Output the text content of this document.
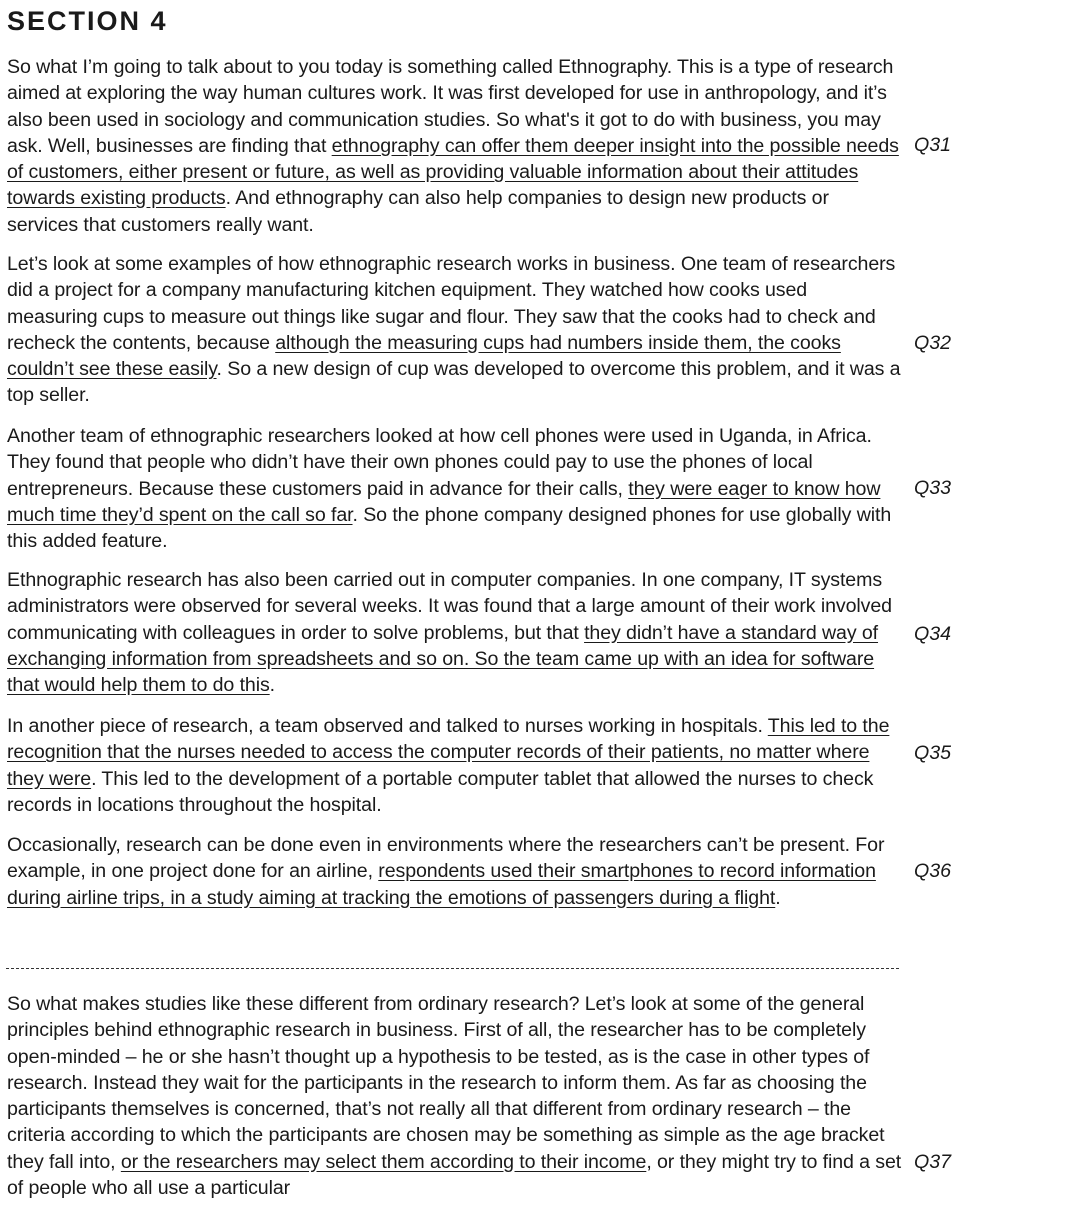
SECTION 4

So what I’m going to talk about to you today is something called Ethnography. This is a type of research aimed at exploring the way human cultures work. It was first developed for use in anthropology, and it’s also been used in sociology and communication studies. So what's it got to do with business, you may ask. Well, businesses are finding that ethnography can offer them deeper insight into the possible needs of customers, either present or future, as well as providing valuable information about their attitudes towards existing products. And ethnography can also help companies to design new products or services that customers really want.

Let’s look at some examples of how ethnographic research works in business. One team of researchers did a project for a company manufacturing kitchen equipment. They watched how cooks used measuring cups to measure out things like sugar and flour. They saw that the cooks had to check and recheck the contents, because although the measuring cups had numbers inside them, the cooks couldn’t see these easily. So a new design of cup was developed to overcome this problem, and it was a top seller.

Another team of ethnographic researchers looked at how cell phones were used in Uganda, in Africa. They found that people who didn’t have their own phones could pay to use the phones of local entrepreneurs. Because these customers paid in advance for their calls, they were eager to know how much time they’d spent on the call so far. So the phone company designed phones for use globally with this added feature.

Ethnographic research has also been carried out in computer companies. In one company, IT systems administrators were observed for several weeks. It was found that a large amount of their work involved communicating with colleagues in order to solve problems, but that they didn’t have a standard way of exchanging information from spreadsheets and so on. So the team came up with an idea for software that would help them to do this.

In another piece of research, a team observed and talked to nurses working in hospitals. This led to the recognition that the nurses needed to access the computer records of their patients, no matter where they were. This led to the development of a portable computer tablet that allowed the nurses to check records in locations throughout the hospital.

Occasionally, research can be done even in environments where the researchers can’t be present. For example, in one project done for an airline, respondents used their smartphones to record information during airline trips, in a study aiming at tracking the emotions of passengers during a flight.

So what makes studies like these different from ordinary research? Let’s look at some of the general principles behind ethnographic research in business. First of all, the researcher has to be completely open-minded – he or she hasn’t thought up a hypothesis to be tested, as is the case in other types of research. Instead they wait for the participants in the research to inform them. As far as choosing the participants themselves is concerned, that’s not really all that different from ordinary research – the criteria according to which the participants are chosen may be something as simple as the age bracket they fall into, or the researchers may select them according to their income, or they might try to find a set of people who all use a particular

Q31
Q32
Q33
Q34
Q35
Q36
Q37
